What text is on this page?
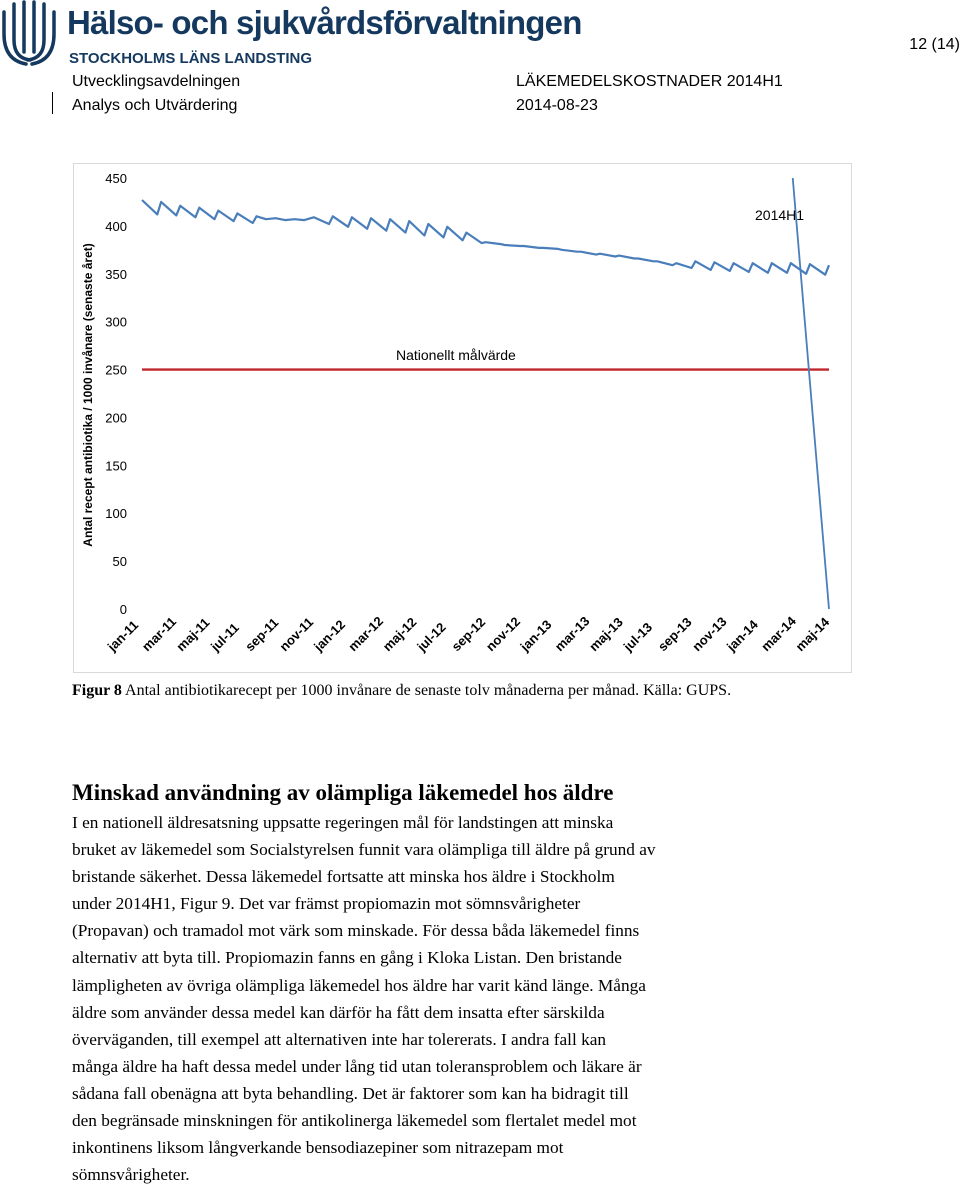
Hälso- och sjukvårdsförvaltningen
STOCKHOLMS LÄNS LANDSTING
12 (14)
Utvecklingsavdelningen
Analys och Utvärdering
LÄKEMEDELSKOSTNADER 2014H1
2014-08-23
0
50
100
150
200
250
300
350
400
450
jan-11
mar-11
maj-11
jul-11 sep-11
nov-11
jan-12
mar-12
maj-12
jul-12 sep-12
nov-12
jan-13
mar-13
maj-13
jul-13 sep-13
nov-13
jan-14
mar-14
maj-14
Antal recept antibiotika / 1000 invånare (senaste året)	Nationellt målvärde
2014H1
Figur 8 Antal antibiotikarecept per 1000 invånare de senaste tolv månaderna per månad. Källa: GUPS.
Minskad användning av olämpliga läkemedel hos äldre

I en nationell äldresatsning uppsatte regeringen mål för landstingen att minska
bruket av läkemedel som Socialstyrelsen funnit vara olämpliga till äldre på grund av
bristande säkerhet. Dessa läkemedel fortsatte att minska hos äldre i Stockholm
under 2014H1, Figur 9. Det var främst propiomazin mot sömnsvårigheter
(Propavan) och tramadol mot värk som minskade. För dessa båda läkemedel finns
alternativ att byta till. Propiomazin fanns en gång i Kloka Listan. Den bristande
lämpligheten av övriga olämpliga läkemedel hos äldre har varit känd länge. Många
äldre som använder dessa medel kan därför ha fått dem insatta efter särskilda
överväganden, till exempel att alternativen inte har tolererats. I andra fall kan
många äldre ha haft dessa medel under lång tid utan toleransproblem och läkare är
sådana fall obenägna att byta behandling. Det är faktorer som kan ha bidragit till
den begränsade minskningen för antikolinerga läkemedel som flertalet medel mot
inkontinens liksom långverkande bensodiazepiner som nitrazepam mot
sömnsvårigheter.
